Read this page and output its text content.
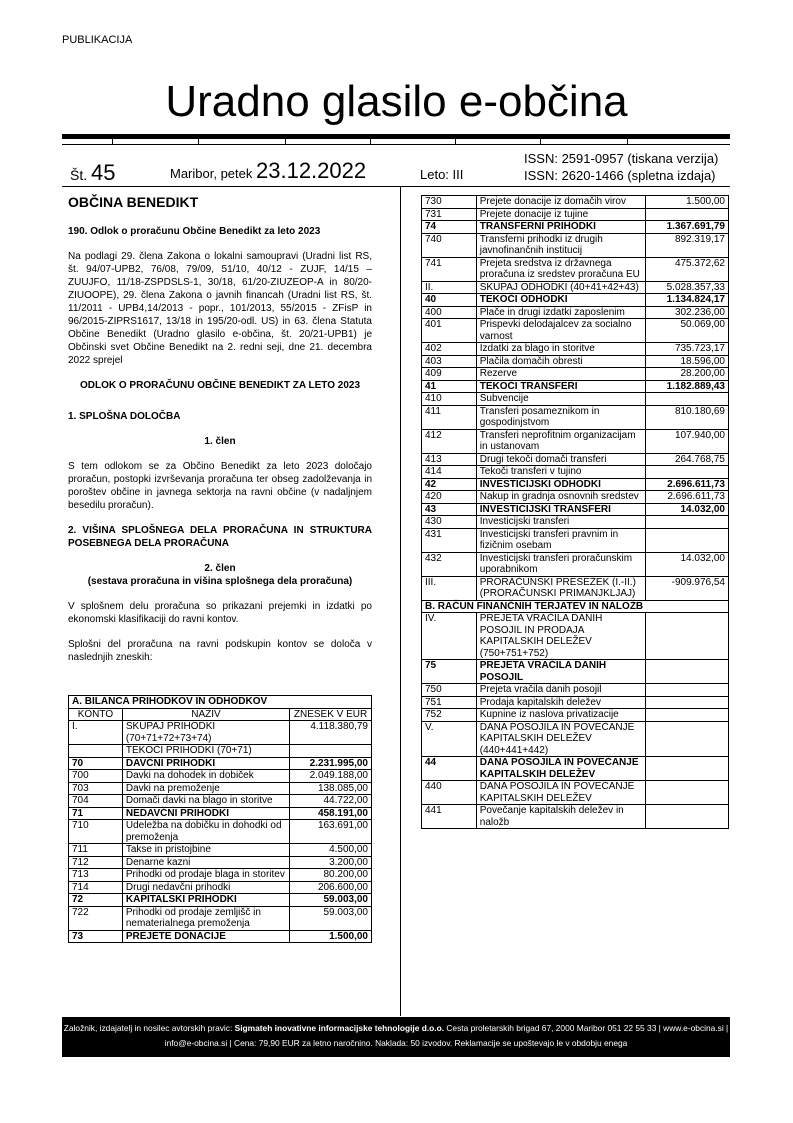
PUBLIKACIJA
Uradno glasilo e-občina
Št. 45	Maribor, petek 23.12.2022	Leto: III
ISSN: 2591-0957 (tiskana verzija)
ISSN: 2620-1466 (spletna izdaja)

OBČINA BENEDIKT

190. Odlok o proračunu Občine Benedikt za leto 2023

Na podlagi 29. člena Zakona o lokalni samoupravi (Uradni list RS, št. 94/07-UPB2, 76/08, 79/09, 51/10, 40/12 - ZUJF, 14/15 – ZUUJFO, 11/18-ZSPDSLS-1, 30/18, 61/20-ZIUZEOP-A in 80/20-ZIUOOPE), 29. člena Zakona o javnih financah (Uradni list RS, št. 11/2011 - UPB4,14/2013 - popr., 101/2013, 55/2015 - ZFisP in 96/2015-ZIPRS1617, 13/18 in 195/20-odl. US) in 63. člena Statuta Občine Benedikt (Uradno glasilo e-občina, št. 20/21-UPB1) je Občinski svet Občine Benedikt na 2. redni seji, dne 21. decembra 2022 sprejel

ODLOK O PRORAČUNU OBČINE BENEDIKT ZA LETO 2023

1. SPLOŠNA DOLOČBA

1. člen

S tem odlokom se za Občino Benedikt za leto 2023 določajo proračun, postopki izvrševanja proračuna ter obseg zadolževanja in poroštev občine in javnega sektorja na ravni občine (v nadaljnjem besedilu proračun).

2. VIŠINA SPLOŠNEGA DELA PRORAČUNA IN STRUKTURA POSEBNEGA DELA PRORAČUNA

2. člen

(sestava proračuna in višina splošnega dela proračuna)

V splošnem delu proračuna so prikazani prejemki in izdatki po ekonomski klasifikaciji do ravni kontov.

Splošni del proračuna na ravni podskupin kontov se določa v naslednjih zneskih:

A. BILANCA PRIHODKOV IN ODHODKOV		
KONTO	NAZIV	ZNESEK V EUR
I.	SKUPAJ PRIHODKI (70+71+72+73+74)	4.118.380,79
	TEKOČI PRIHODKI (70+71)	
70	DAVČNI PRIHODKI	2.231.995,00
700	Davki na dohodek in dobiček	2.049.188,00
703	Davki na premoženje	138.085,00
704	Domači davki na blago in storitve	44.722,00
71	NEDAVČNI PRIHODKI	458.191,00
710	Udeležba na dobičku in dohodki od premoženja	163.691,00
711	Takse in pristojbine	4.500,00
712	Denarne kazni	3.200,00
713	Prihodki od prodaje blaga in storitev	80.200,00
714	Drugi nedavčni prihodki	206.600,00
72	KAPITALSKI PRIHODKI	59.003,00
722	Prihodki od prodaje zemljišč in nematerialnega premoženja	59.003,00
73	PREJETE DONACIJE	1.500,00
730	Prejete donacije iz domačih virov	1.500,00
731	Prejete donacije iz tujine	
74	TRANSFERNI PRIHODKI	1.367.691,79
740	Transferni prihodki iz drugih javnofinančnih institucij	892.319,17
741	Prejeta sredstva iz državnega proračuna iz sredstev proračuna EU	475.372,62
II.	SKUPAJ ODHODKI (40+41+42+43)	5.028.357,33
40	TEKOČI ODHODKI	1.134.824,17
400	Plače in drugi izdatki zaposlenim	302.236,00
401	Prispevki delodajalcev za socialno varnost	50.069,00
402	Izdatki za blago in storitve	735.723,17
403	Plačila domačih obresti	18.596,00
409	Rezerve	28.200,00
41	TEKOČI TRANSFERI	1.182.889,43
410	Subvencije	
411	Transferi posameznikom in gospodinjstvom	810.180,69
412	Transferi neprofitnim organizacijam in ustanovam	107.940,00
413	Drugi tekoči domači transferi	264.768,75
414	Tekoči transferi v tujino	
42	INVESTICIJSKI ODHODKI	2.696.611,73
420	Nakup in gradnja osnovnih sredstev	2.696.611,73
43	INVESTICIJSKI TRANSFERI	14.032,00
430	Investicijski transferi	
431	Investicijski transferi pravnim in fizičnim osebam	
432	Investicijski transferi proračunskim uporabnikom	14.032,00
III.	PRORAČUNSKI PRESEŽEK (I.-II.) (PRORAČUNSKI PRIMANJKLJAJ)	-909.976,54
B. RAČUN FINANČNIH TERJATEV IN NALOŽB		
IV.	PREJETA VRAČILA DANIH POSOJIL IN PRODAJA KAPITALSKIH DELEŽEV (750+751+752)	
75	PREJETA VRAČILA DANIH POSOJIL	
750	Prejeta vračila danih posojil	
751	Prodaja kapitalskih deležev	
752	Kupnine iz naslova privatizacije	
V.	DANA POSOJILA IN POVEČANJE KAPITALSKIH DELEŽEV (440+441+442)	
44	DANA POSOJILA IN POVEČANJE KAPITALSKIH DELEŽEV	
440	DANA POSOJILA IN POVEČANJE KAPITALSKIH DELEŽEV	
441	Povečanje kapitalskih deležev in naložb	
Založnik, izdajatelj in nosilec avtorskih pravic: Sigmateh inovativne informacijske tehnologije d.o.o. Cesta proletarskih brigad 67, 2000 Maribor 051 22 55 33 | www.e-obcina.si | info@e-obcina.si | Cena: 79,90 EUR za letno naročnino. Naklada: 50 izvodov. Reklamacije se upoštevajo le v obdobju enega
